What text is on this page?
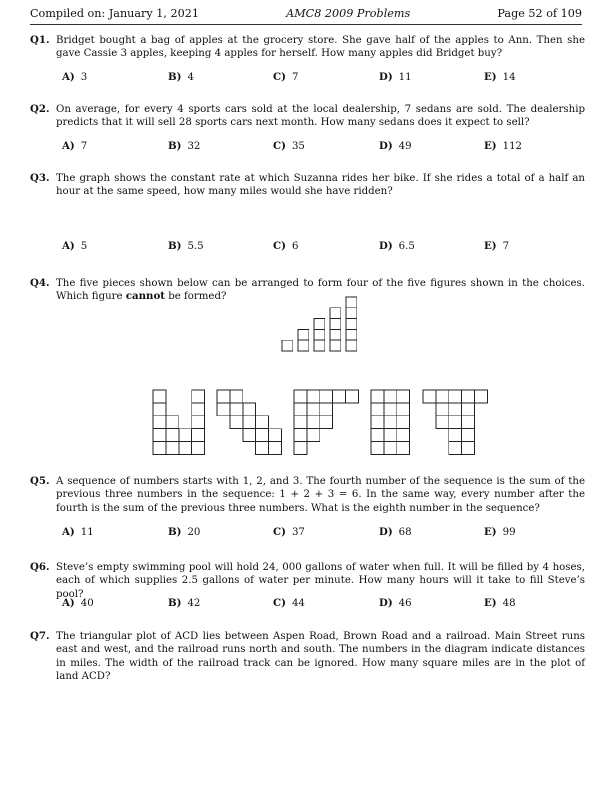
Compiled on: January 1, 2021	AMC8 2009 Problems	Page 52 of 109
Q1. Bridget bought a bag of apples at the grocery store. She gave half of the apples to Ann. Then she gave Cassie 3 apples, keeping 4 apples for herself. How many apples did Bridget buy?
A) 3	B) 4	C) 7	D) 11	E) 14
Q2. On average, for every 4 sports cars sold at the local dealership, 7 sedans are sold. The dealership predicts that it will sell 28 sports cars next month. How many sedans does it expect to sell?
A) 7	B) 32	C) 35	D) 49	E) 112
Q3. The graph shows the constant rate at which Suzanna rides her bike. If she rides a total of a half an hour at the same speed, how many miles would she have ridden?
A) 5	B) 5.5	C) 6	D) 6.5	E) 7
Q4. The five pieces shown below can be arranged to form four of the five figures shown in the choices. Which figure cannot be formed?
Q5. A sequence of numbers starts with 1, 2, and 3. The fourth number of the sequence is the sum of the previous three numbers in the sequence: 1 + 2 + 3 = 6. In the same way, every number after the fourth is the sum of the previous three numbers. What is the eighth number in the sequence?
A) 11	B) 20	C) 37	D) 68	E) 99
Q6. Steve’s empty swimming pool will hold 24, 000 gallons of water when full. It will be filled by 4 hoses, each of which supplies 2.5 gallons of water per minute. How many hours will it take to fill Steve’s pool?
A) 40	B) 42	C) 44	D) 46	E) 48
Q7. The triangular plot of ACD lies between Aspen Road, Brown Road and a railroad. Main Street runs east and west, and the railroad runs north and south. The numbers in the diagram indicate distances in miles. The width of the railroad track can be ignored. How many square miles are in the plot of land ACD?
